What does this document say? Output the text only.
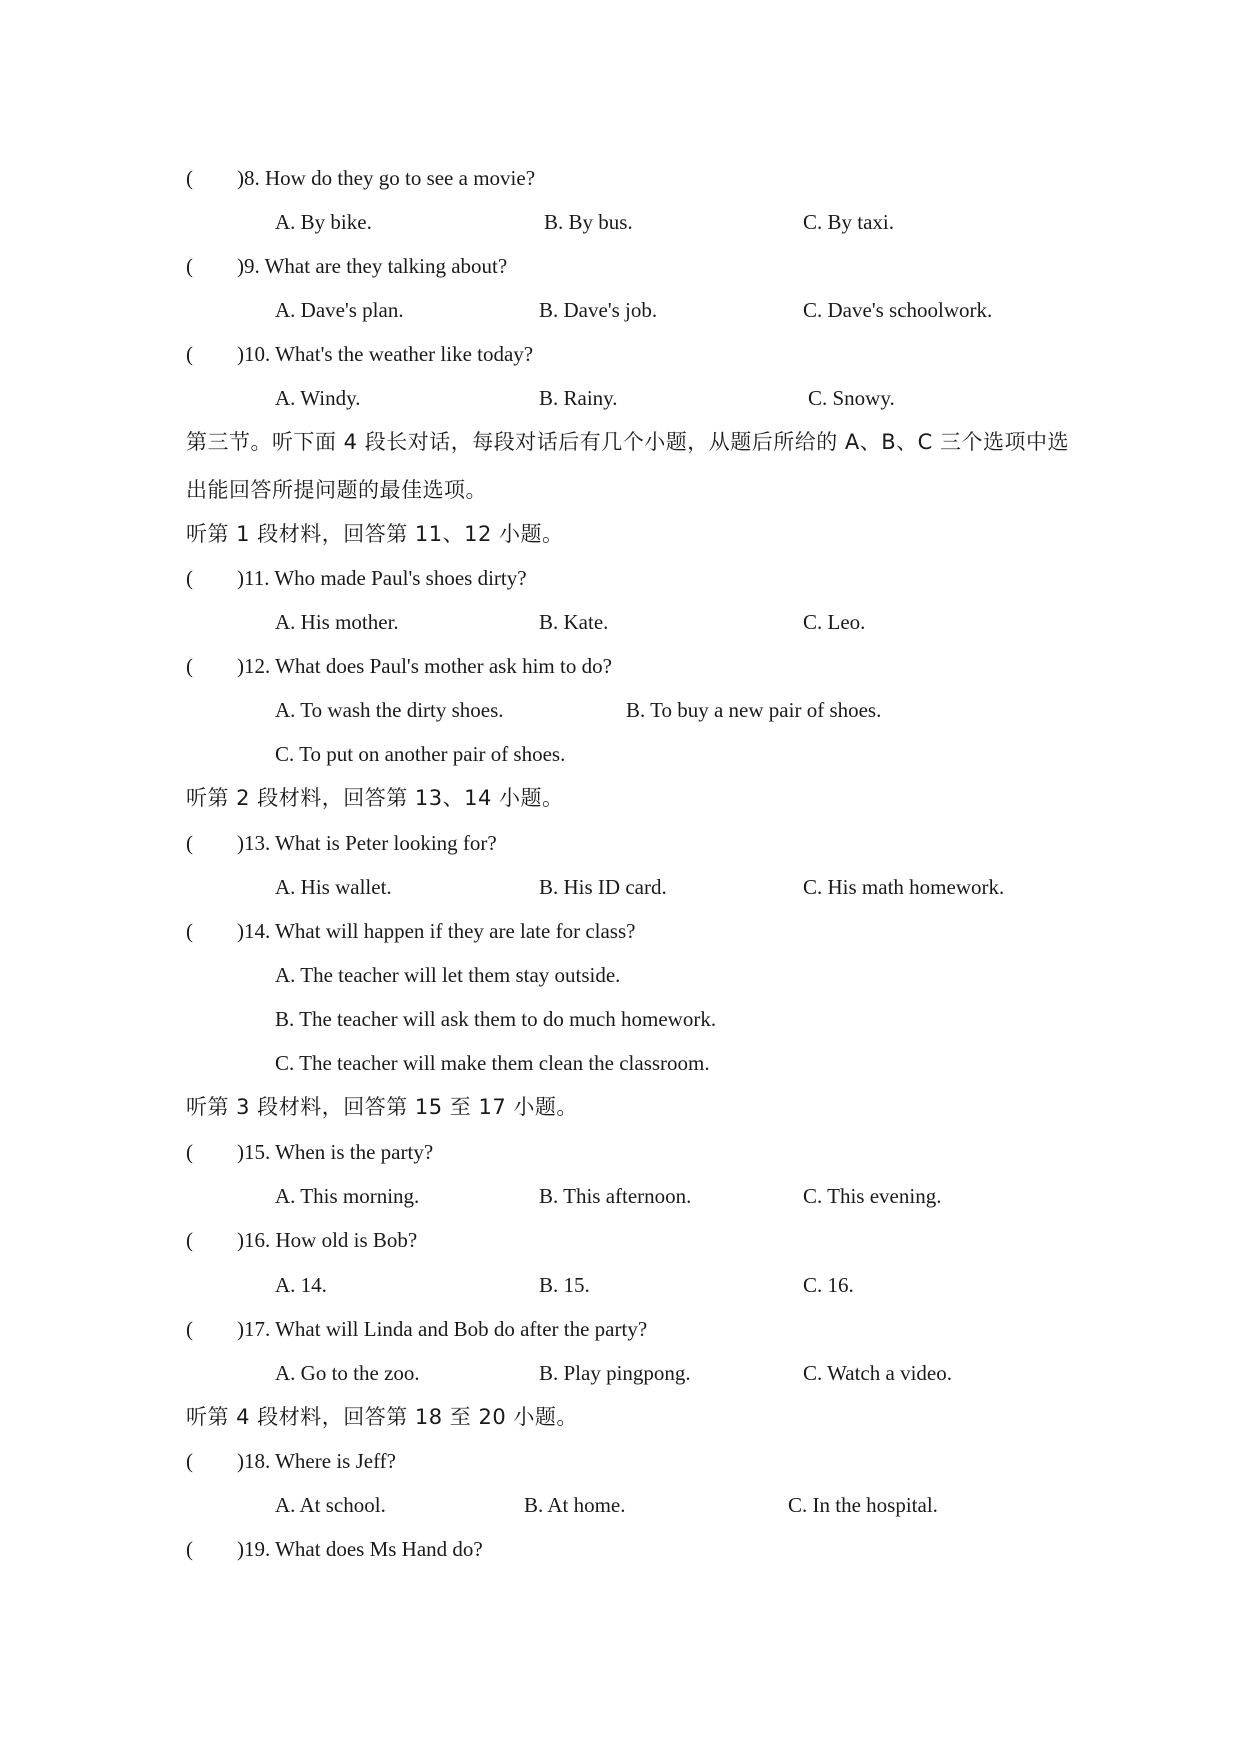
( )8. How do they go to see a movie?
A. By bike.	B. By bus.	C. By taxi.
( )9. What are they talking about?
A. Dave's plan.	B. Dave's job.	C. Dave's schoolwork.
( )10. What's the weather like today?
A. Windy.	B. Rainy.	C. Snowy.
第三节。听下面 4 段长对话，每段对话后有几个小题，从题后所给的 A、B、C 三个选项中选
出能回答所提问题的最佳选项。
听第 1 段材料，回答第 11、12 小题。
( )11. Who made Paul's shoes dirty?
A. His mother.	B. Kate.	C. Leo.
( )12. What does Paul's mother ask him to do?
A. To wash the dirty shoes.	B. To buy a new pair of shoes.
C. To put on another pair of shoes.
听第 2 段材料，回答第 13、14 小题。
( )13. What is Peter looking for?
A. His wallet.	B. His ID card.	C. His math homework.
( )14. What will happen if they are late for class?
A. The teacher will let them stay outside.
B. The teacher will ask them to do much homework.
C. The teacher will make them clean the classroom.
听第 3 段材料，回答第 15 至 17 小题。
( )15. When is the party?
A. This morning.	B. This afternoon.	C. This evening.
( )16. How old is Bob?
A. 14.	B. 15.	C. 16.
( )17. What will Linda and Bob do after the party?
A. Go to the zoo.	B. Play pingpong.	C. Watch a video.
听第 4 段材料，回答第 18 至 20 小题。
( )18. Where is Jeff?
A. At school.	B. At home.	C. In the hospital.
( )19. What does Ms Hand do?
